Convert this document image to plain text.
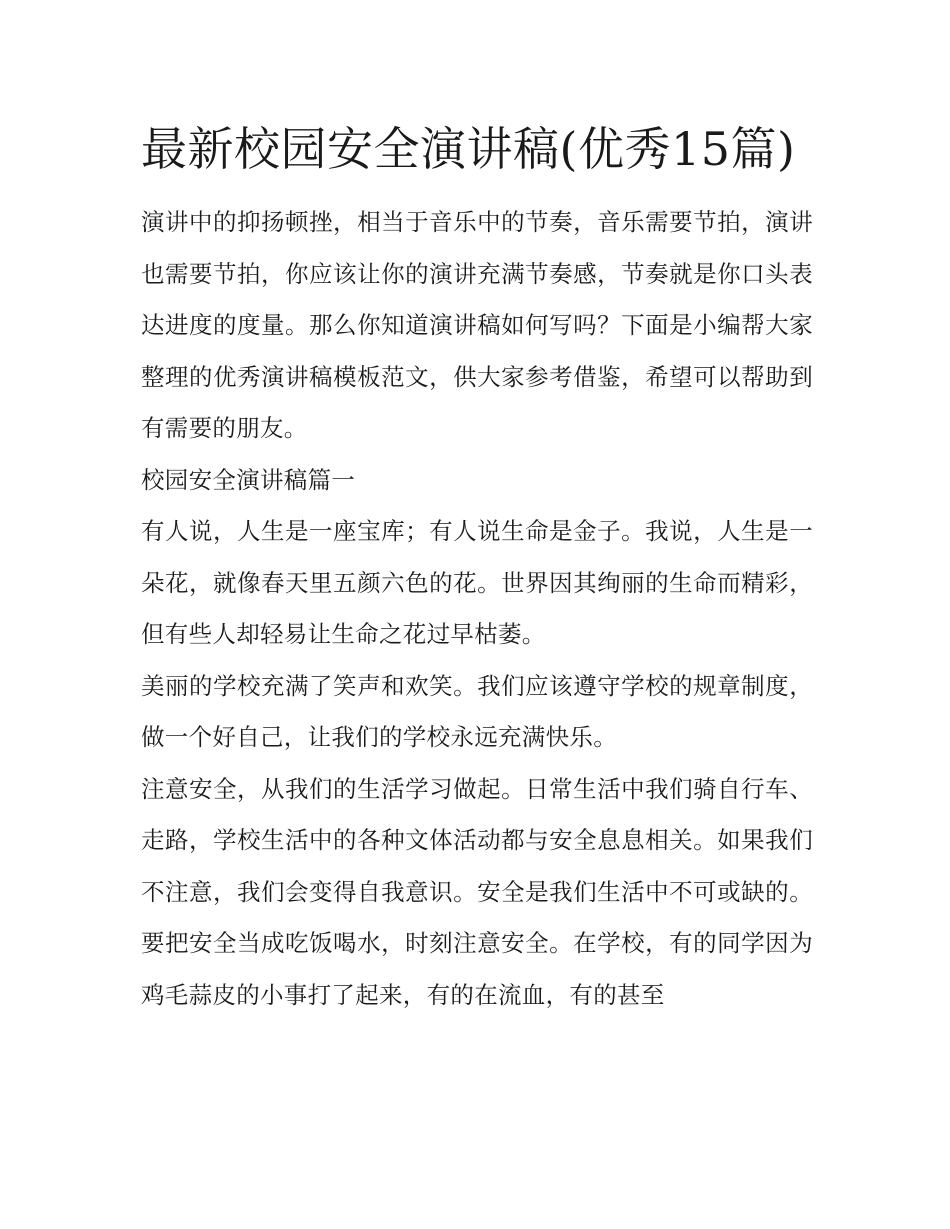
最新校园安全演讲稿(优秀15篇)

演讲中的抑扬顿挫，相当于音乐中的节奏，音乐需要节拍，演讲也需要节拍，你应该让你的演讲充满节奏感，节奏就是你口头表达进度的度量。那么你知道演讲稿如何写吗？下面是小编帮大家整理的优秀演讲稿模板范文，供大家参考借鉴，希望可以帮助到有需要的朋友。

校园安全演讲稿篇一

有人说，人生是一座宝库；有人说生命是金子。我说，人生是一朵花，就像春天里五颜六色的花。世界因其绚丽的生命而精彩，但有些人却轻易让生命之花过早枯萎。

美丽的学校充满了笑声和欢笑。我们应该遵守学校的规章制度，做一个好自己，让我们的学校永远充满快乐。

注意安全，从我们的生活学习做起。日常生活中我们骑自行车、走路，学校生活中的各种文体活动都与安全息息相关。如果我们不注意，我们会变得自我意识。安全是我们生活中不可或缺的。要把安全当成吃饭喝水，时刻注意安全。在学校，有的同学因为鸡毛蒜皮的小事打了起来，有的在流血，有的甚至
